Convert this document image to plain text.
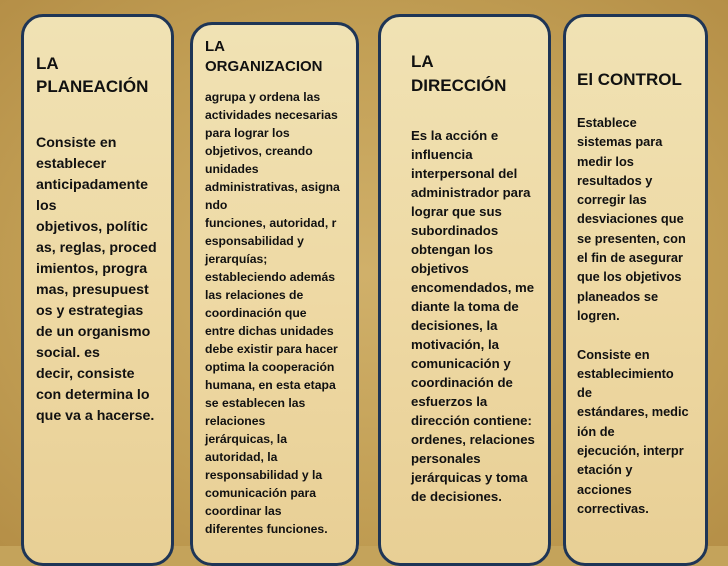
LA
PLANEACIÓN

Consiste en
establecer
anticipadamente
los
objetivos, polític
as, reglas, proced
imientos, progra
mas, presupuest
os y estrategias
de un organismo
social. es
decir, consiste
con determina lo
que va a hacerse.

LA
ORGANIZACION

agrupa y ordena las
actividades necesarias
para lograr los
objetivos, creando
unidades
administrativas, asigna
ndo
funciones, autoridad, r
esponsabilidad y
jerarquías;
estableciendo además
las relaciones de
coordinación que
entre dichas unidades
debe existir para hacer
optima la cooperación
humana, en esta etapa
se establecen las
relaciones
jerárquicas, la
autoridad, la
responsabilidad y la
comunicación para
coordinar las
diferentes funciones.

LA
DIRECCIÓN

Es la acción e
influencia
interpersonal del
administrador para
lograr que sus
subordinados
obtengan los
objetivos
encomendados, me
diante la toma de
decisiones, la
motivación, la
comunicación y
coordinación de
esfuerzos la
dirección contiene:
ordenes, relaciones
personales
jerárquicas y toma
de decisiones.

El CONTROL

Establece
sistemas para
medir los
resultados y
corregir las
desviaciones que
se presenten, con
el fin de asegurar
que los objetivos
planeados se
logren.

Consiste en
establecimiento
de
estándares, medic
ión de
ejecución, interpr
etación y
acciones
correctivas.
